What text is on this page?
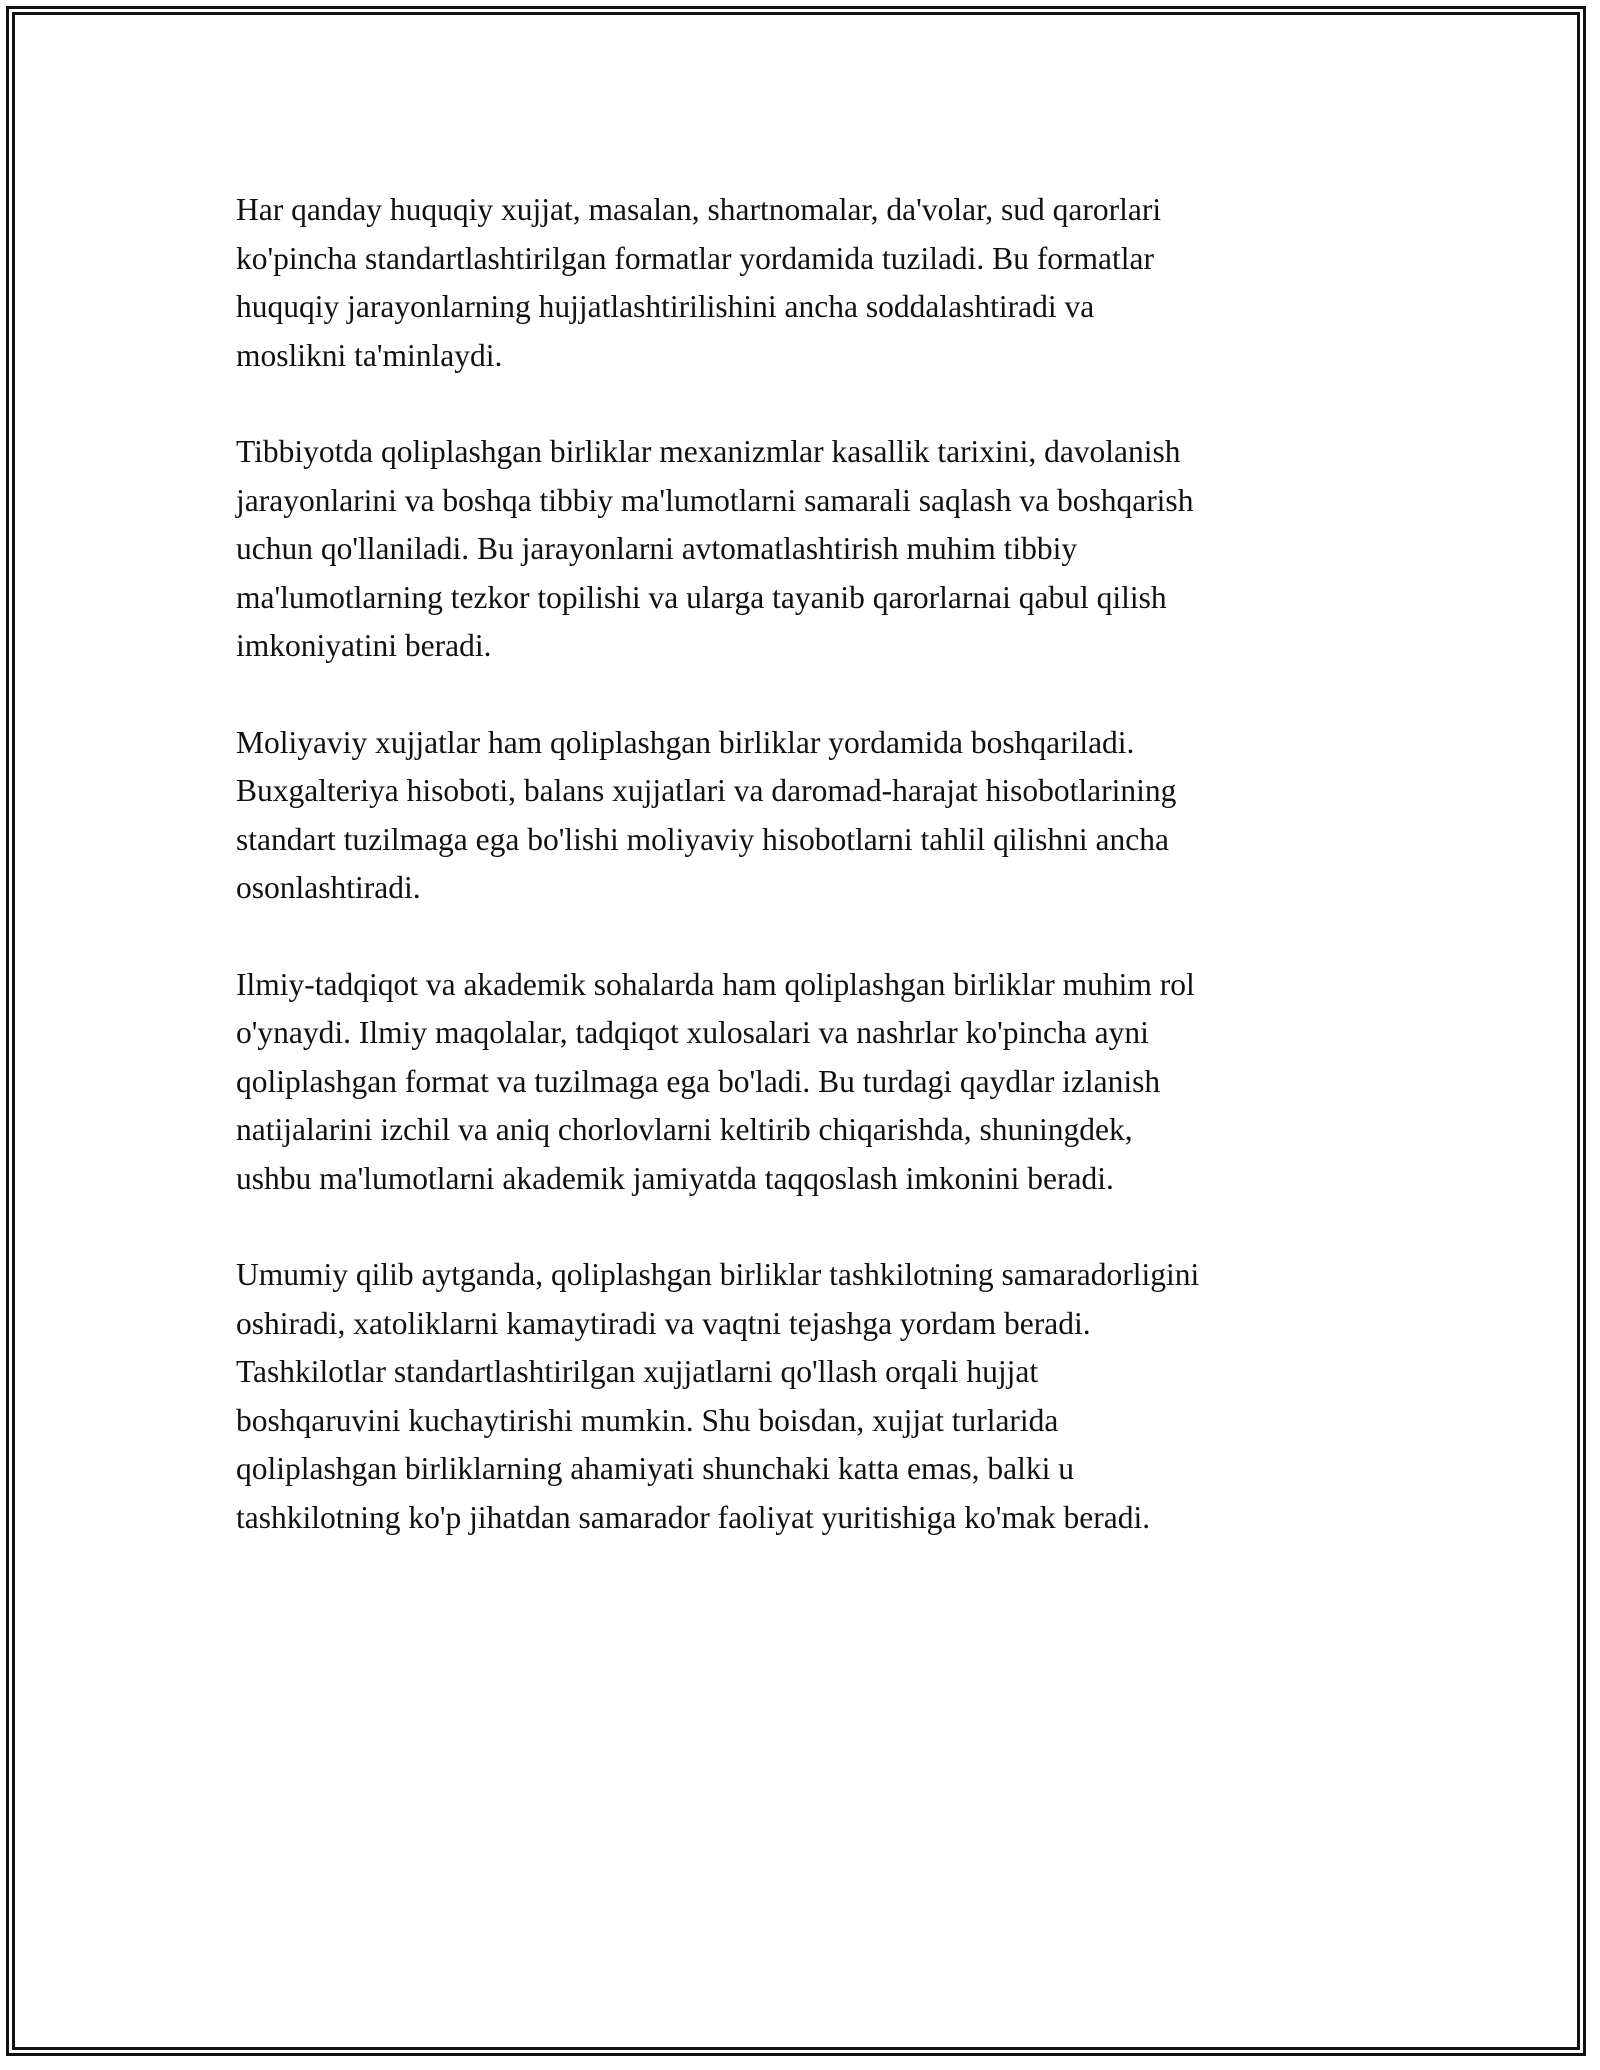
Har qanday huquqiy xujjat, masalan, shartnomalar, da'volar, sud qarorlari
ko'pincha standartlashtirilgan formatlar yordamida tuziladi. Bu formatlar
huquqiy jarayonlarning hujjatlashtirilishini ancha soddalashtiradi va
moslikni ta'minlaydi.

Tibbiyotda qoliplashgan birliklar mexanizmlar kasallik tarixini, davolanish
jarayonlarini va boshqa tibbiy ma'lumotlarni samarali saqlash va boshqarish
uchun qo'llaniladi. Bu jarayonlarni avtomatlashtirish muhim tibbiy
ma'lumotlarning tezkor topilishi va ularga tayanib qarorlarnai qabul qilish
imkoniyatini beradi.

Moliyaviy xujjatlar ham qoliplashgan birliklar yordamida boshqariladi.
Buxgalteriya hisoboti, balans xujjatlari va daromad-harajat hisobotlarining
standart tuzilmaga ega bo'lishi moliyaviy hisobotlarni tahlil qilishni ancha
osonlashtiradi.

Ilmiy-tadqiqot va akademik sohalarda ham qoliplashgan birliklar muhim rol
o'ynaydi. Ilmiy maqolalar, tadqiqot xulosalari va nashrlar ko'pincha ayni
qoliplashgan format va tuzilmaga ega bo'ladi. Bu turdagi qaydlar izlanish
natijalarini izchil va aniq chorlovlarni keltirib chiqarishda, shuningdek,
ushbu ma'lumotlarni akademik jamiyatda taqqoslash imkonini beradi.

Umumiy qilib aytganda, qoliplashgan birliklar tashkilotning samaradorligini
oshiradi, xatoliklarni kamaytiradi va vaqtni tejashga yordam beradi.
Tashkilotlar standartlashtirilgan xujjatlarni qo'llash orqali hujjat
boshqaruvini kuchaytirishi mumkin. Shu boisdan, xujjat turlarida
qoliplashgan birliklarning ahamiyati shunchaki katta emas, balki u
tashkilotning ko'p jihatdan samarador faoliyat yuritishiga ko'mak beradi.
